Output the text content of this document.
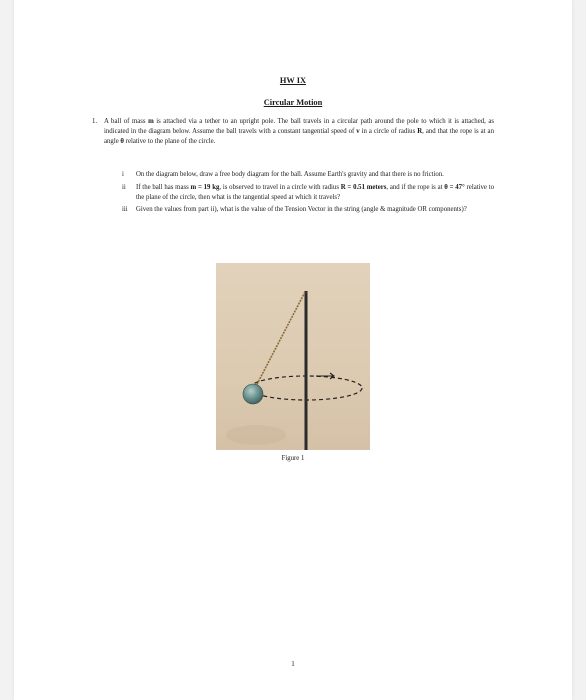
HW IX
Circular Motion
1. A ball of mass m is attached via a tether to an upright pole. The ball travels in a circular path around the pole to which it is attached, as indicated in the diagram below. Assume the ball travels with a constant tangential speed of v in a circle of radius R, and that the rope is at an angle θ relative to the plane of the circle.
i On the diagram below, draw a free body diagram for the ball. Assume Earth's gravity and that there is no friction.
ii If the ball has mass m = 19 kg, is observed to travel in a circle with radius R = 0.51 meters, and if the rope is at θ = 47° relative to the plane of the circle, then what is the tangential speed at which it travels?
iii Given the values from part ii), what is the value of the Tension Vector in the string (angle & magnitude OR components)?
Figure 1
1
